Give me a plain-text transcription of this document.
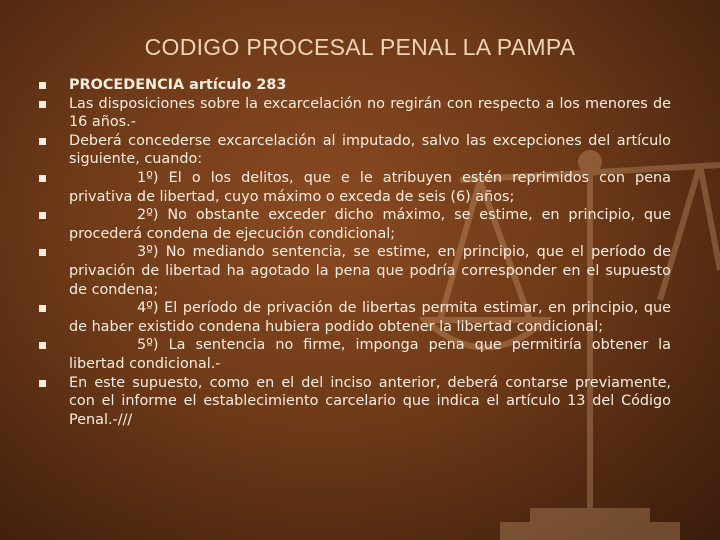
CODIGO PROCESAL PENAL LA PAMPA
PROCEDENCIA artículo 283
Las disposiciones sobre la excarcelación no regirán con respecto a los menores de 16 años.-
Deberá concederse excarcelación al imputado, salvo las excepciones del artículo siguiente, cuando:
1º) El o los delitos, que e le atribuyen estén reprimidos con pena privativa de libertad, cuyo máximo o exceda de seis (6) años;
2º) No obstante exceder dicho máximo, se estime, en principio, que procederá condena de ejecución condicional;
3º) No mediando sentencia, se estime, en principio, que el período de privación de libertad ha agotado la pena que podría corresponder en el supuesto de condena;
4º) El período de privación de libertas permita estimar, en principio, que de haber existido condena hubiera podido obtener la libertad condicional;
5º) La sentencia no firme, imponga pena que permitiría obtener la libertad condicional.-
En este supuesto, como en el del inciso anterior, deberá contarse previamente, con el informe el establecimiento carcelario que indica el artículo 13 del Código Penal.-///
